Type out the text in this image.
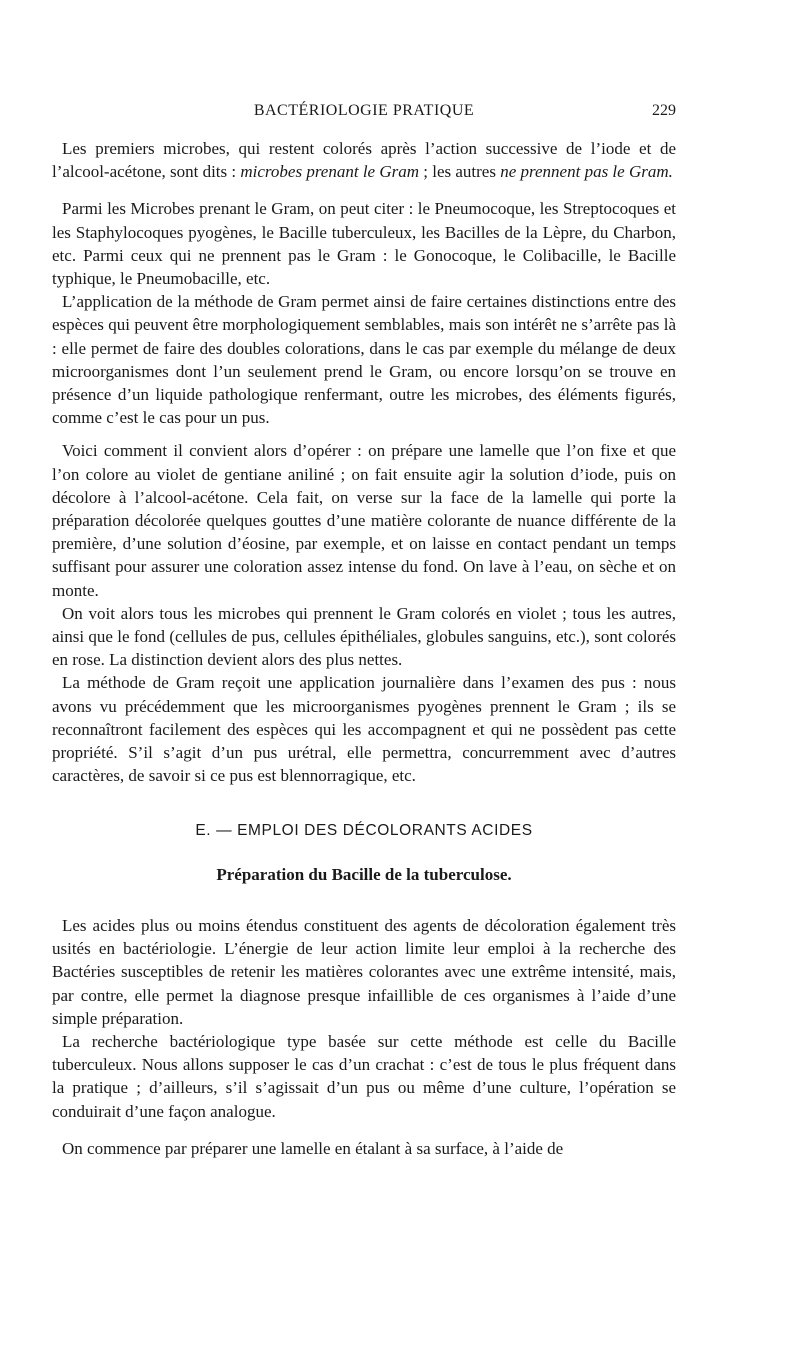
BACTÉRIOLOGIE PRATIQUE	229

Les premiers microbes, qui restent colorés après l’action successive de l’iode et de l’alcool-acétone, sont dits : microbes prenant le Gram ; les autres ne prennent pas le Gram.

Parmi les Microbes prenant le Gram, on peut citer : le Pneumocoque, les Streptocoques et les Staphylocoques pyogènes, le Bacille tuberculeux, les Bacilles de la Lèpre, du Charbon, etc. Parmi ceux qui ne prennent pas le Gram : le Gonocoque, le Colibacille, le Bacille typhique, le Pneumobacille, etc.

L’application de la méthode de Gram permet ainsi de faire certaines distinctions entre des espèces qui peuvent être morphologiquement semblables, mais son intérêt ne s’arrête pas là : elle permet de faire des doubles colorations, dans le cas par exemple du mélange de deux microorganismes dont l’un seulement prend le Gram, ou encore lorsqu’on se trouve en présence d’un liquide pathologique renfermant, outre les microbes, des éléments figurés, comme c’est le cas pour un pus.

Voici comment il convient alors d’opérer : on prépare une lamelle que l’on fixe et que l’on colore au violet de gentiane aniliné ; on fait ensuite agir la solution d’iode, puis on décolore à l’alcool-acétone. Cela fait, on verse sur la face de la lamelle qui porte la préparation décolorée quelques gouttes d’une matière colorante de nuance différente de la première, d’une solution d’éosine, par exemple, et on laisse en contact pendant un temps suffisant pour assurer une coloration assez intense du fond. On lave à l’eau, on sèche et on monte.

On voit alors tous les microbes qui prennent le Gram colorés en violet ; tous les autres, ainsi que le fond (cellules de pus, cellules épithéliales, globules sanguins, etc.), sont colorés en rose. La distinction devient alors des plus nettes.

La méthode de Gram reçoit une application journalière dans l’examen des pus : nous avons vu précédemment que les microorganismes pyogènes prennent le Gram ; ils se reconnaîtront facilement des espèces qui les accompagnent et qui ne possèdent pas cette propriété. S’il s’agit d’un pus urétral, elle permettra, concurremment avec d’autres caractères, de savoir si ce pus est blennorragique, etc.

E. — EMPLOI DES DÉCOLORANTS ACIDES
Préparation du Bacille de la tuberculose.

Les acides plus ou moins étendus constituent des agents de décoloration également très usités en bactériologie. L’énergie de leur action limite leur emploi à la recherche des Bactéries susceptibles de retenir les matières colorantes avec une extrême intensité, mais, par contre, elle permet la diagnose presque infaillible de ces organismes à l’aide d’une simple préparation.

La recherche bactériologique type basée sur cette méthode est celle du Bacille tuberculeux. Nous allons supposer le cas d’un crachat : c’est de tous le plus fréquent dans la pratique ; d’ailleurs, s’il s’agissait d’un pus ou même d’une culture, l’opération se conduirait d’une façon analogue.

On commence par préparer une lamelle en étalant à sa surface, à l’aide de
